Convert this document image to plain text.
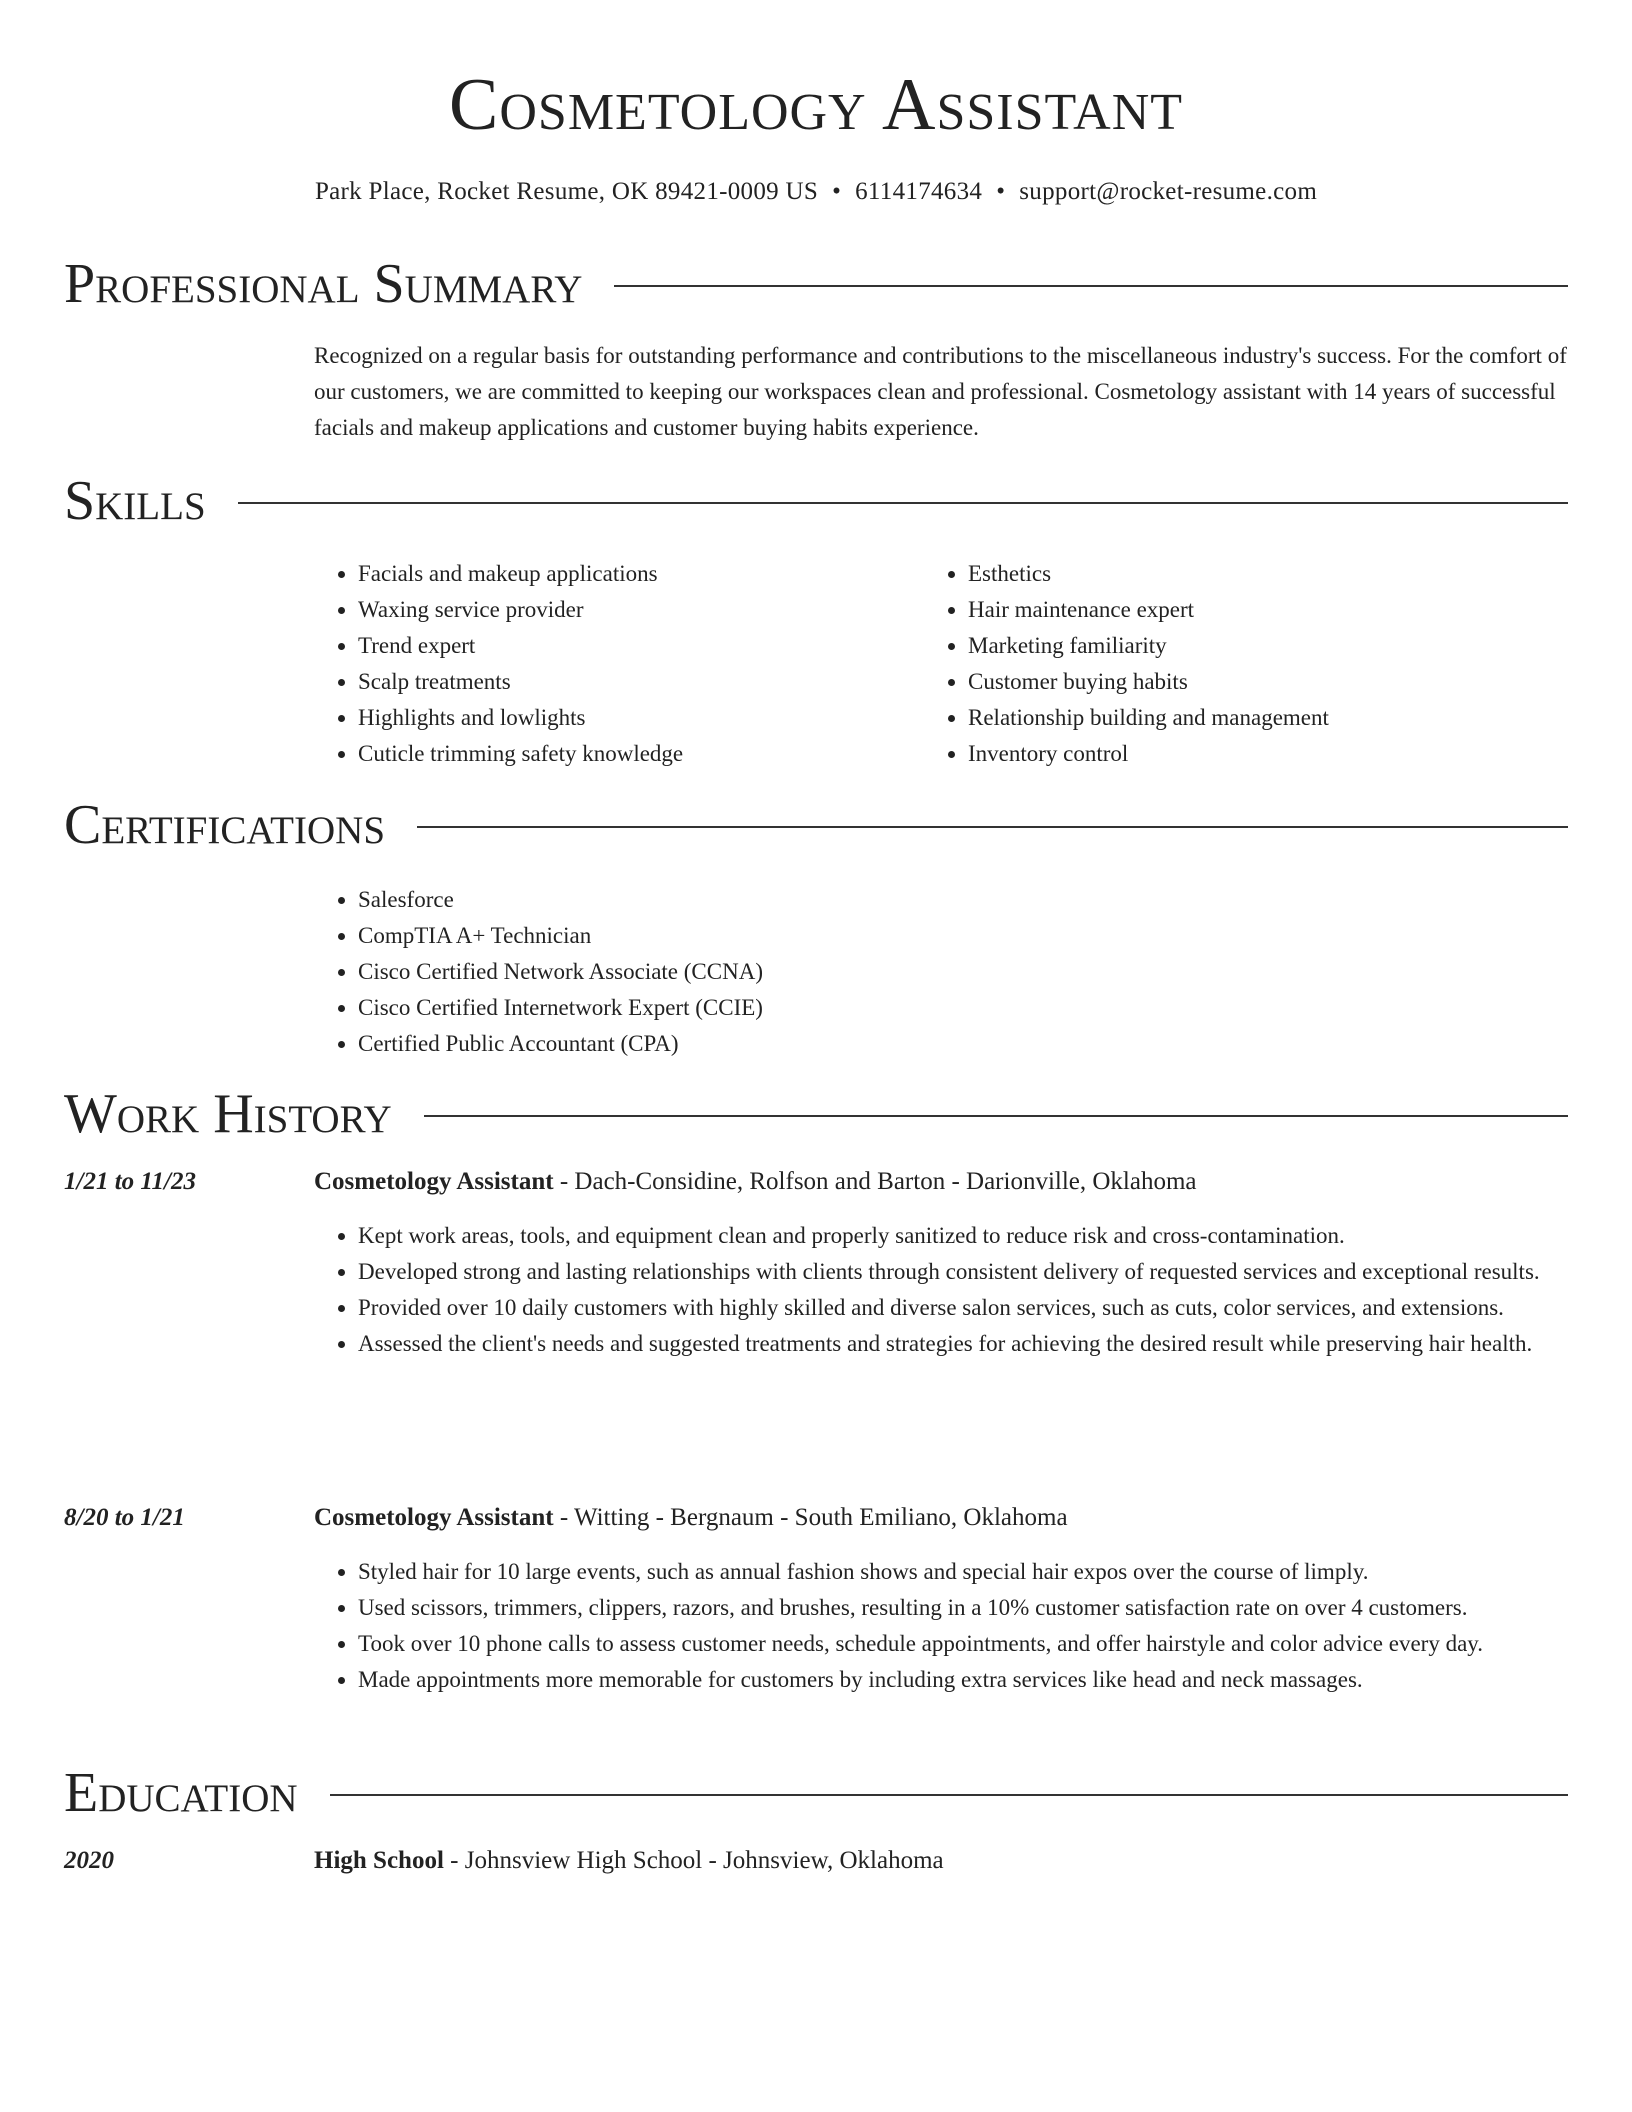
Cosmetology Assistant
Park Place, Rocket Resume, OK 89421-0009 US • 6114174634 • support@rocket-resume.com
Professional Summary

Recognized on a regular basis for outstanding performance and contributions to the miscellaneous industry's success. For the comfort of our customers, we are committed to keeping our workspaces clean and professional. Cosmetology assistant with 14 years of successful facials and makeup applications and customer buying habits experience.

Skills
• Facials and makeup applications
• Waxing service provider
• Trend expert
• Scalp treatments
• Highlights and lowlights
• Cuticle trimming safety knowledge
• Esthetics
• Hair maintenance expert
• Marketing familiarity
• Customer buying habits
• Relationship building and management
• Inventory control
Certifications
• Salesforce
• CompTIA A+ Technician
• Cisco Certified Network Associate (CCNA)
• Cisco Certified Internetwork Expert (CCIE)
• Certified Public Accountant (CPA)
Work History
1/21 to 11/23	Cosmetology Assistant - Dach-Considine, Rolfson and Barton - Darionville, Oklahoma
• Kept work areas, tools, and equipment clean and properly sanitized to reduce risk and cross-contamination.
• Developed strong and lasting relationships with clients through consistent delivery of requested services and exceptional results.
• Provided over 10 daily customers with highly skilled and diverse salon services, such as cuts, color services, and extensions.
• Assessed the client's needs and suggested treatments and strategies for achieving the desired result while preserving hair health.
8/20 to 1/21	Cosmetology Assistant - Witting - Bergnaum - South Emiliano, Oklahoma
• Styled hair for 10 large events, such as annual fashion shows and special hair expos over the course of limply.
• Used scissors, trimmers, clippers, razors, and brushes, resulting in a 10% customer satisfaction rate on over 4 customers.
• Took over 10 phone calls to assess customer needs, schedule appointments, and offer hairstyle and color advice every day.
• Made appointments more memorable for customers by including extra services like head and neck massages.
Education
2020	High School - Johnsview High School - Johnsview, Oklahoma
